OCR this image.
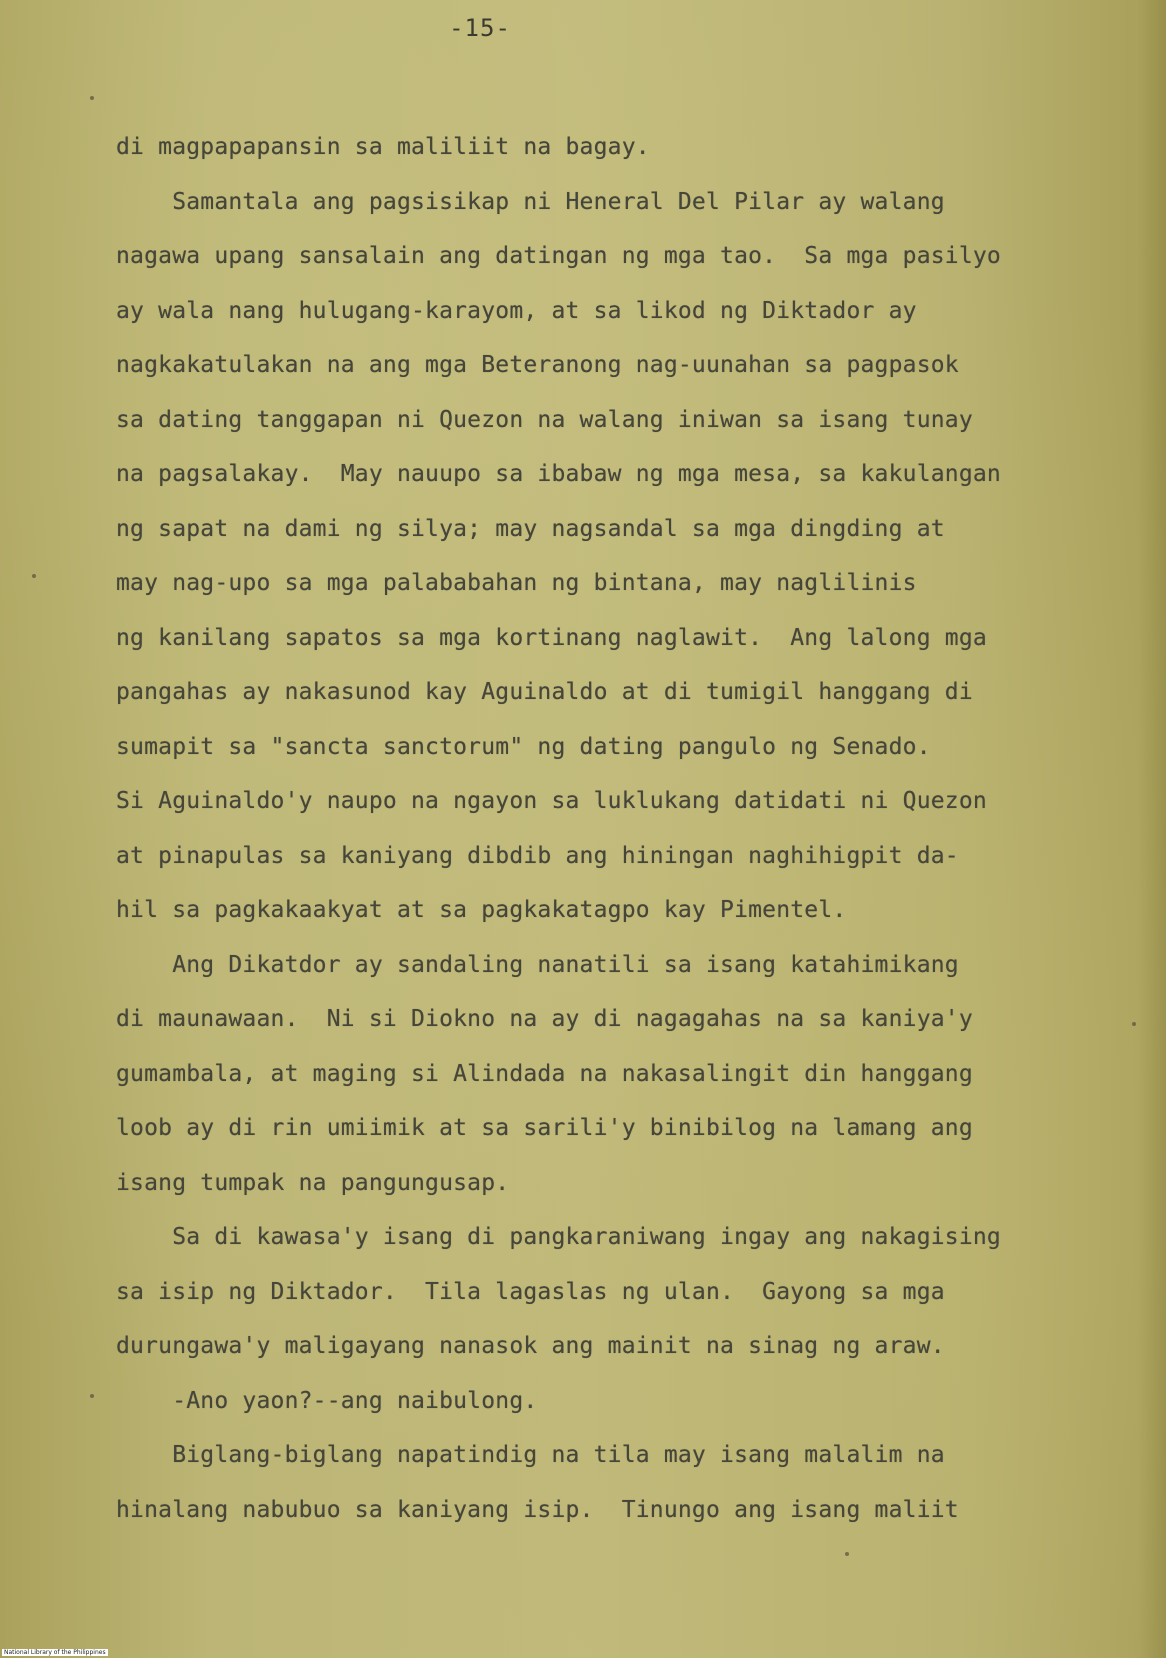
-15-
di magpapapansin sa maliliit na bagay.
Samantala ang pagsisikap ni Heneral Del Pilar ay walang
nagawa upang sansalain ang datingan ng mga tao.  Sa mga pasilyo
ay wala nang hulugang-karayom, at sa likod ng Diktador ay
nagkakatulakan na ang mga Beteranong nag-uunahan sa pagpasok
sa dating tanggapan ni Quezon na walang iniwan sa isang tunay
na pagsalakay.  May nauupo sa ibabaw ng mga mesa, sa kakulangan
ng sapat na dami ng silya; may nagsandal sa mga dingding at
may nag-upo sa mga palababahan ng bintana, may naglilinis
ng kanilang sapatos sa mga kortinang naglawit.  Ang lalong mga
pangahas ay nakasunod kay Aguinaldo at di tumigil hanggang di
sumapit sa "sancta sanctorum" ng dating pangulo ng Senado.
Si Aguinaldo'y naupo na ngayon sa luklukang datidati ni Quezon
at pinapulas sa kaniyang dibdib ang hiningan naghihigpit da-
hil sa pagkakaakyat at sa pagkakatagpo kay Pimentel.
Ang Dikatdor ay sandaling nanatili sa isang katahimikang
di maunawaan.  Ni si Diokno na ay di nagagahas na sa kaniya'y
gumambala, at maging si Alindada na nakasalingit din hanggang
loob ay di rin umiimik at sa sarili'y binibilog na lamang ang
isang tumpak na pangungusap.
Sa di kawasa'y isang di pangkaraniwang ingay ang nakagising
sa isip ng Diktador.  Tila lagaslas ng ulan.  Gayong sa mga
durungawa'y maligayang nanasok ang mainit na sinag ng araw.
-Ano yaon?--ang naibulong.
Biglang-biglang napatindig na tila may isang malalim na
hinalang nabubuo sa kaniyang isip.  Tinungo ang isang maliit
National Library of the Philippines
